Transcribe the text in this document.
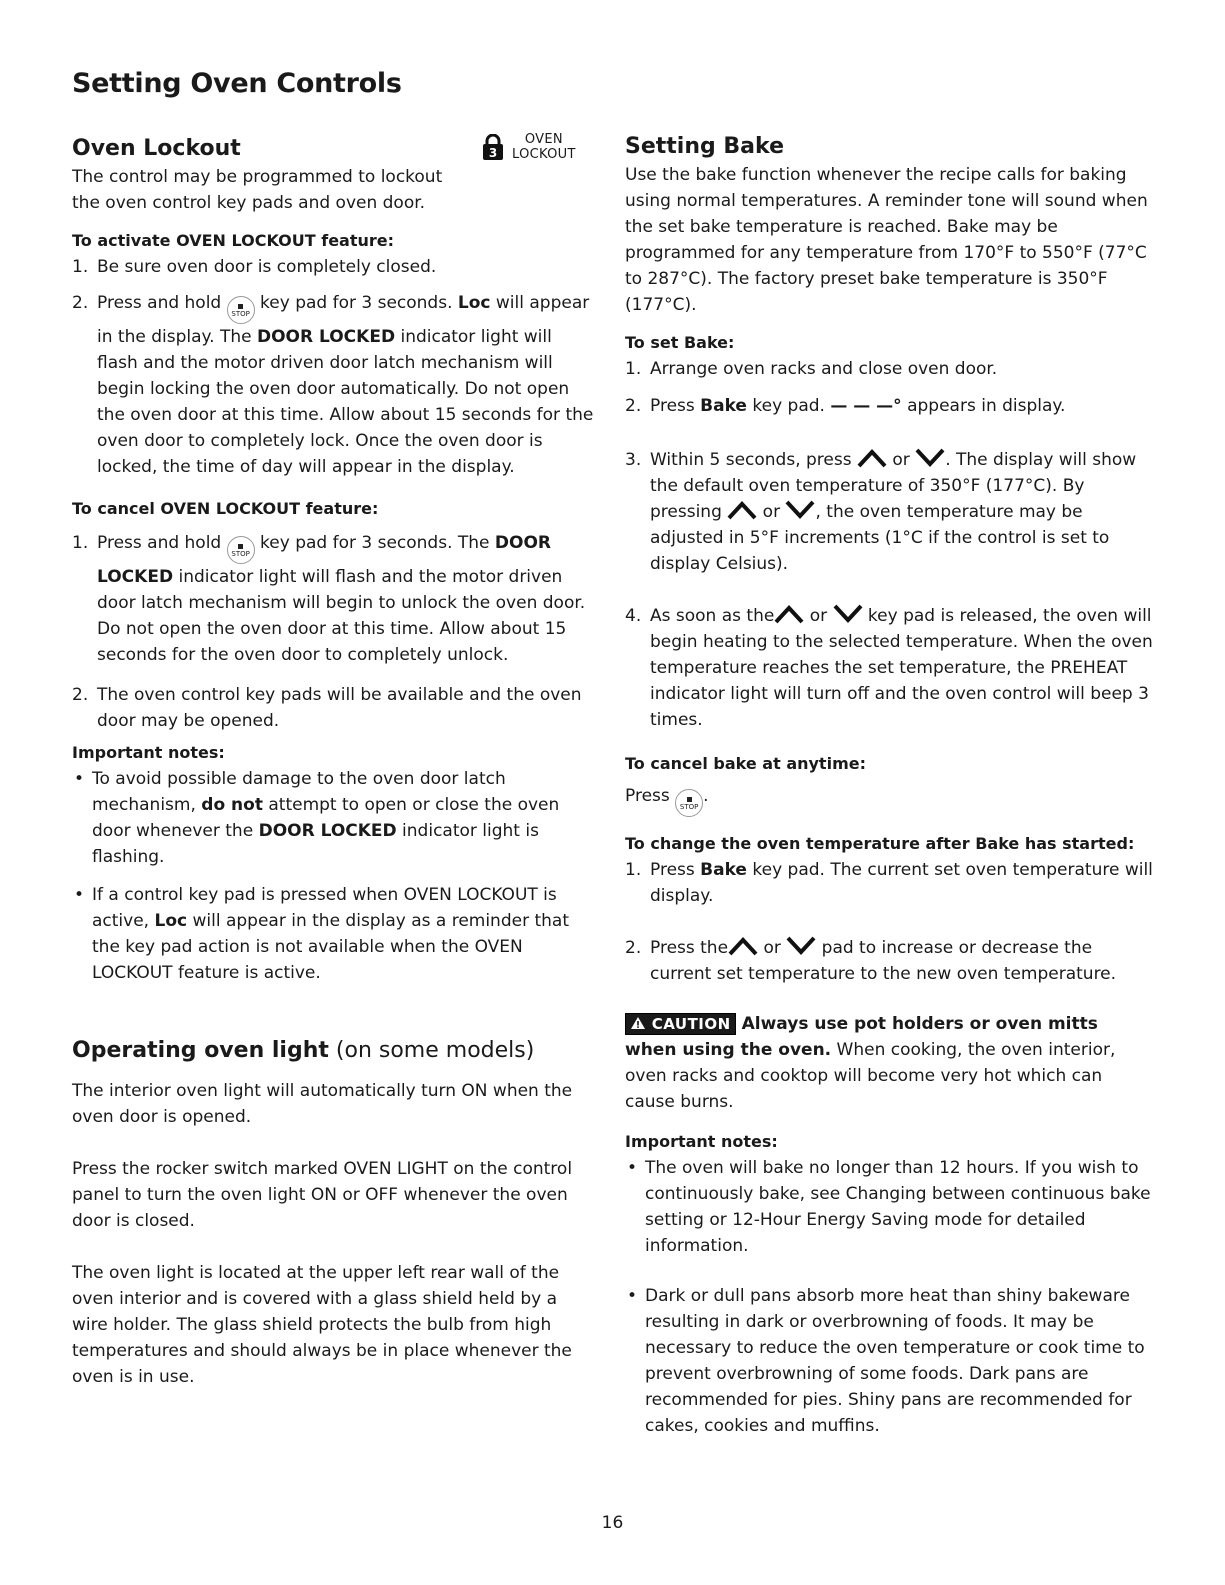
Setting Oven Controls
3
OVEN
LOCKOUT
Oven Lockout

The control may be programmed to lockout the oven control key pads and oven door.

To activate OVEN LOCKOUT feature:

1. Be sure oven door is completely closed.
2. Press and hold
STOP key pad for 3 seconds. Loc will appear in the display. The DOOR LOCKED indicator light will flash and the motor driven door latch mechanism will begin locking the oven door automatically. Do not open the oven door at this time. Allow about 15 seconds for the oven door to completely lock. Once the oven door is locked, the time of day will appear in the display.

To cancel OVEN LOCKOUT feature:

1. Press and hold
STOP key pad for 3 seconds. The DOOR LOCKED indicator light will flash and the motor driven door latch mechanism will begin to unlock the oven door. Do not open the oven door at this time. Allow about 15 seconds for the oven door to completely unlock.
2. The oven control key pads will be available and the oven door may be opened.

Important notes:

• To avoid possible damage to the oven door latch mechanism, do not attempt to open or close the oven door whenever the DOOR LOCKED indicator light is flashing.
• If a control key pad is pressed when OVEN LOCKOUT is active, Loc will appear in the display as a reminder that the key pad action is not available when the OVEN LOCKOUT feature is active.
Operating oven light (on some models)

The interior oven light will automatically turn ON when the oven door is opened.

Press the rocker switch marked OVEN LIGHT on the control panel to turn the oven light ON or OFF whenever the oven door is closed.

The oven light is located at the upper left rear wall of the oven interior and is covered with a glass shield held by a wire holder. The glass shield protects the bulb from high temperatures and should always be in place whenever the oven is in use.

Setting Bake

Use the bake function whenever the recipe calls for baking using normal temperatures. A reminder tone will sound when the set bake temperature is reached. Bake may be programmed for any temperature from 170°F to 550°F (77°C to 287°C). The factory preset bake temperature is 350°F (177°C).

To set Bake:

1. Arrange oven racks and close oven door.
2. Press Bake key pad. — — —° appears in display.
3. Within 5 seconds, press  or . The display will show the default oven temperature of 350°F (177°C). By pressing  or , the oven temperature may be adjusted in 5°F increments (1°C if the control is set to display Celsius).
4. As soon as the or  key pad is released, the oven will begin heating to the selected temperature. When the oven temperature reaches the set temperature, the PREHEAT indicator light will turn off and the oven control will beep 3 times.

To cancel bake at anytime:

Press
STOP.

To change the oven temperature after Bake has started:

1. Press Bake key pad. The current set oven temperature will display.
2. Press the or  pad to increase or decrease the current set temperature to the new oven temperature.

CAUTION Always use pot holders or oven mitts when using the oven. When cooking, the oven interior, oven racks and cooktop will become very hot which can cause burns.

Important notes:

• The oven will bake no longer than 12 hours. If you wish to continuously bake, see Changing between continuous bake setting or 12-Hour Energy Saving mode for detailed information.
• Dark or dull pans absorb more heat than shiny bakeware resulting in dark or overbrowning of foods. It may be necessary to reduce the oven temperature or cook time to prevent overbrowning of some foods. Dark pans are recommended for pies. Shiny pans are recommended for cakes, cookies and muffins.
16
